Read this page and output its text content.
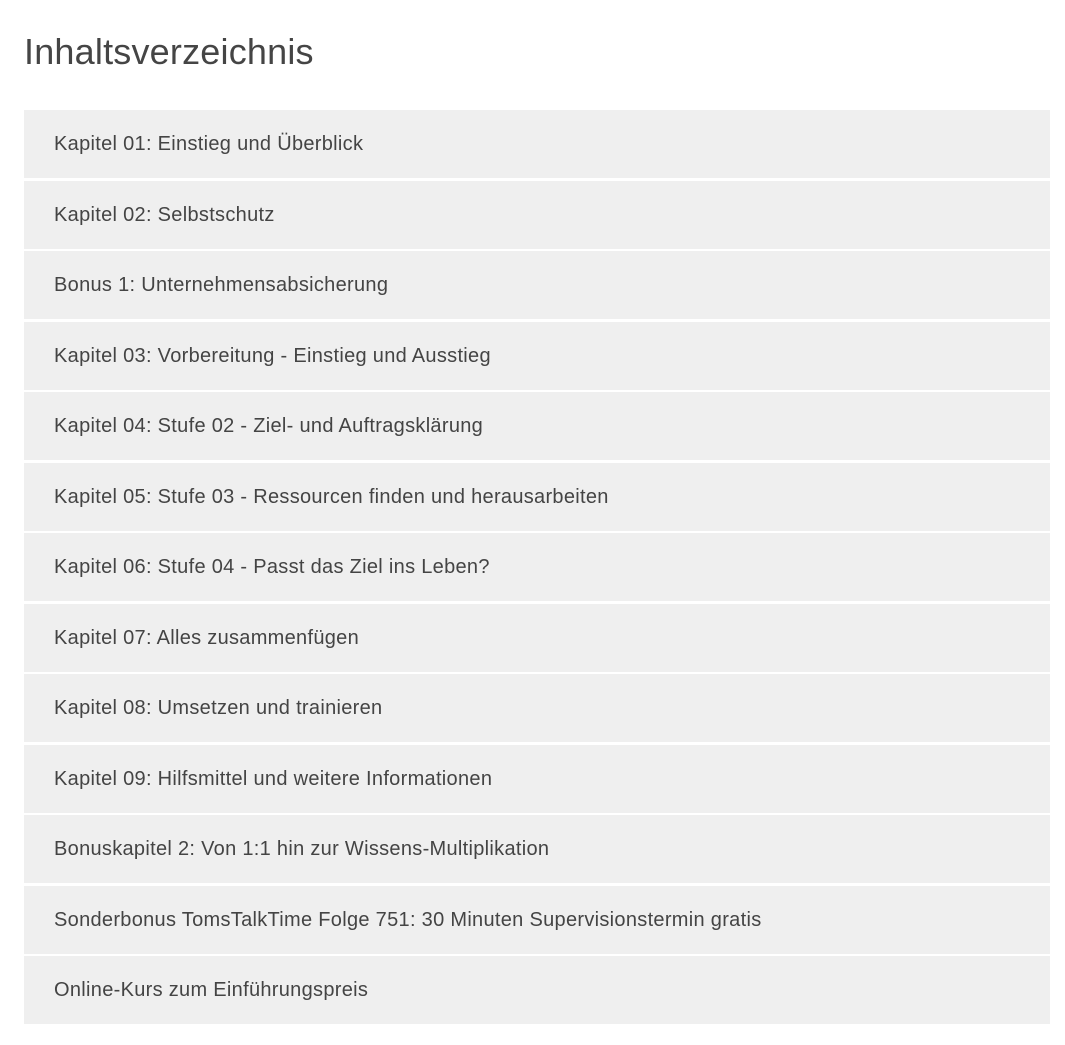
Inhaltsverzeichnis
Kapitel 01: Einstieg und Überblick
Kapitel 02: Selbstschutz
Bonus 1: Unternehmensabsicherung
Kapitel 03: Vorbereitung - Einstieg und Ausstieg
Kapitel 04: Stufe 02 - Ziel- und Auftragsklärung
Kapitel 05: Stufe 03 - Ressourcen finden und herausarbeiten
Kapitel 06: Stufe 04 - Passt das Ziel ins Leben?
Kapitel 07: Alles zusammenfügen
Kapitel 08: Umsetzen und trainieren
Kapitel 09: Hilfsmittel und weitere Informationen
Bonuskapitel 2: Von 1:1 hin zur Wissens-Multiplikation
Sonderbonus TomsTalkTime Folge 751: 30 Minuten Supervisionstermin gratis
Online-Kurs zum Einführungspreis
